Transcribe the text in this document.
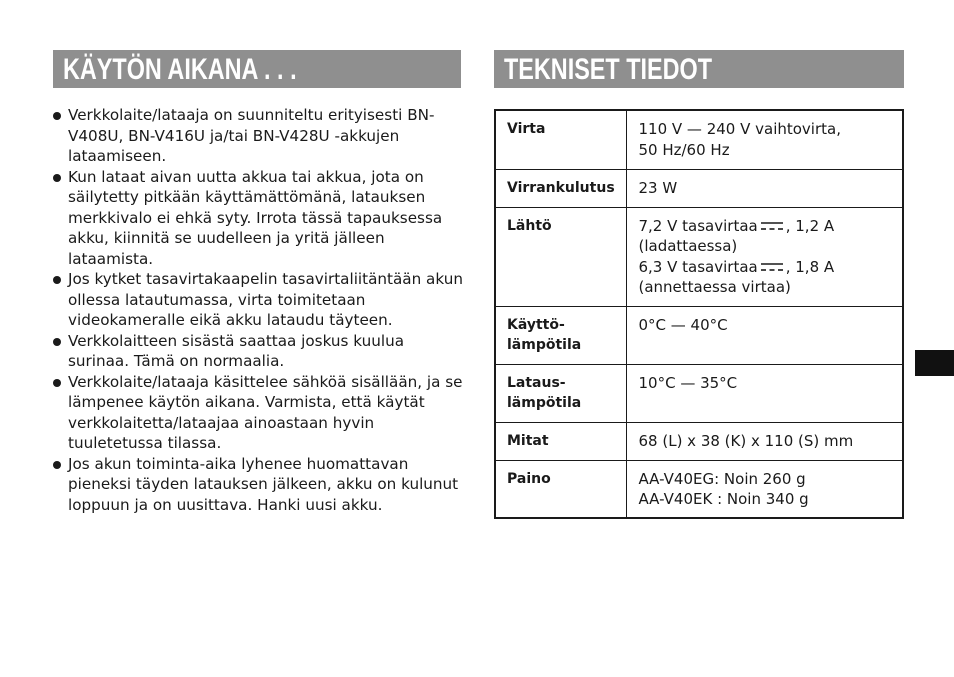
KÄYTÖN AIKANA . . .	TEKNISET TIEDOT
Verkkolaite/lataaja on suunniteltu erityisesti BN-V408U, BN-V416U ja/tai BN-V428U -akkujen lataamiseen.
Kun lataat aivan uutta akkua tai akkua, jota on säilytetty pitkään käyttämättömänä, latauksen merkkivalo ei ehkä syty. Irrota tässä tapauksessa akku, kiinnitä se uudelleen ja yritä jälleen lataamista.
Jos kytket tasavirtakaapelin tasavirtaliitäntään akun ollessa latautumassa, virta toimitetaan videokameralle eikä akku lataudu täyteen.
Verkkolaitteen sisästä saattaa joskus kuulua surinaa. Tämä on normaalia.
Verkkolaite/lataaja käsittelee sähköä sisällään, ja se lämpenee käytön aikana. Varmista, että käytät verkkolaitetta/lataajaa ainoastaan hyvin tuuletetussa tilassa.
Jos akun toiminta-aika lyhenee huomattavan pieneksi täyden latauksen jälkeen, akku on kulunut loppuun ja on uusittava. Hanki uusi akku.
Virta	110 V — 240 V vaihtovirta,
50 Hz/60 Hz

Virrankulutus	23 W
Lähtö	7,2 V tasavirtaa , 1,2 A
(ladattaessa)
6,3 V tasavirtaa , 1,8 A
(annettaessa virtaa)

Käyttö-
lämpötila	0°C — 40°C

Lataus-
lämpötila	10°C — 35°C
Mitat	68 (L) x 38 (K) x 110 (S) mm
Paino	AA-V40EG: Noin 260 g
AA-V40EK : Noin 340 g
